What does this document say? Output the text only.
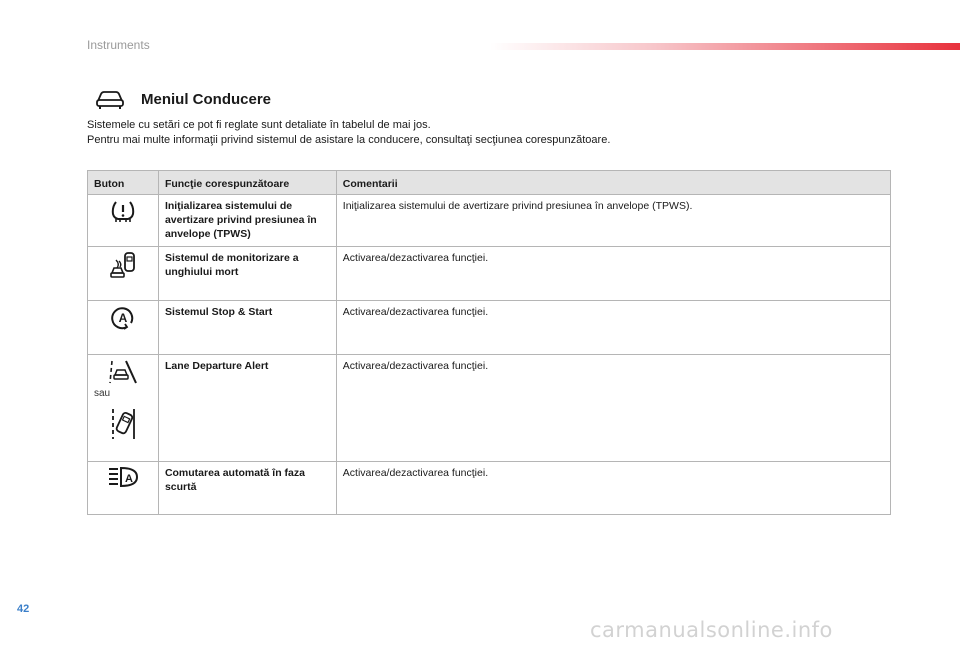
Instruments
Meniul Conducere
Sistemele cu setări ce pot fi reglate sunt detaliate în tabelul de mai jos.
Pentru mai multe informaţii privind sistemul de asistare la conducere, consultaţi secţiunea corespunzătoare.
Buton	Funcţie corespunzătoare	Comentarii

	Iniţializarea sistemului de avertizare privind presiunea în anvelope (TPWS)	Iniţializarea sistemului de avertizare privind presiunea în anvelope (TPWS).

	Sistemul de monitorizare a unghiului mort	Activarea/dezactivarea funcţiei.

A	Sistemul Stop & Start	Activarea/dezactivarea funcţiei.

sau	Lane Departure Alert	Activarea/dezactivarea funcţiei.

A	Comutarea automată în faza scurtă	Activarea/dezactivarea funcţiei.
42
carmanualsonline.info
